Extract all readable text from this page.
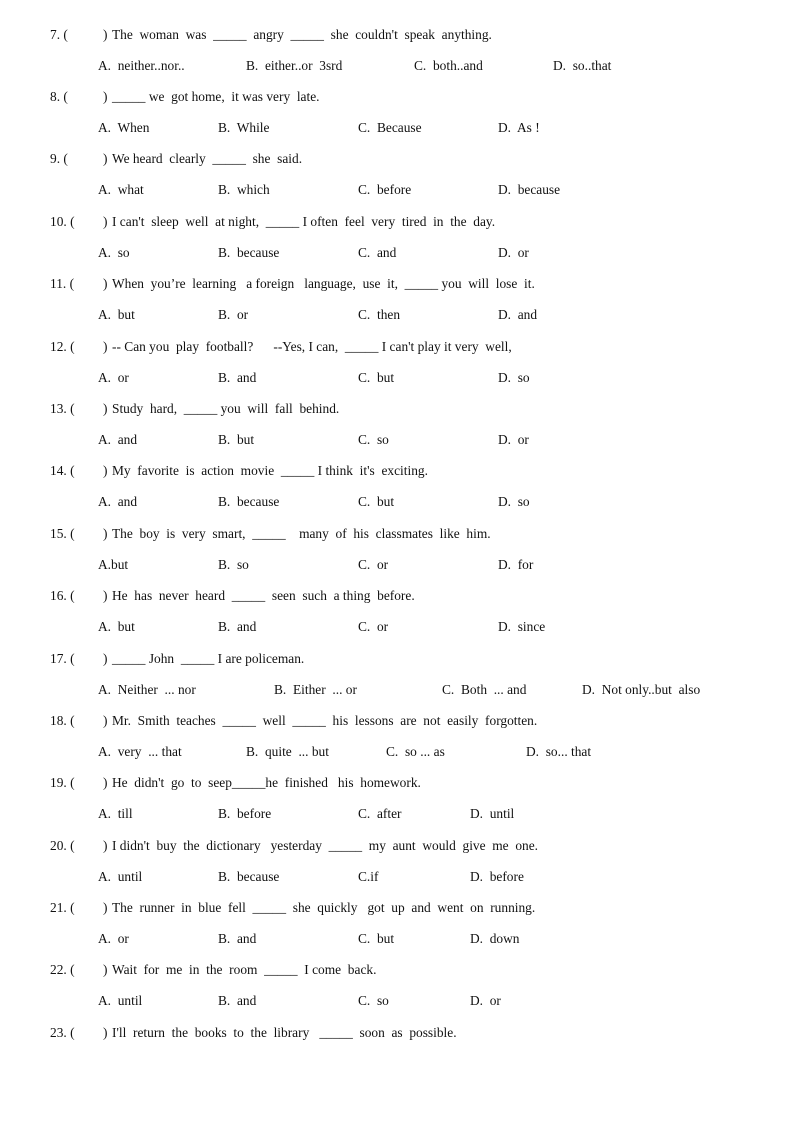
7. (	) The  woman  was  _____  angry  _____  she  couldn't  speak  anything.
A.  neither..nor..	B.  either..or  3srd	C.  both..and	D.  so..that
8. (	) _____ we  got home,  it was very  late.
A.  When	B.  While	C.  Because	D.  As !
9. (	) We heard  clearly  _____  she  said.
A.  what	B.  which	C.  before	D.  because
10. ( ) I can't  sleep  well  at night,  _____ I often  feel  very  tired  in  the  day.
A.  so	B.  because	C.  and	D.  or
11. ( ) When  you’re  learning   a foreign   language,  use  it,  _____ you  will  lose  it.
A.  but	B.  or	C.  then	D.  and
12. ( ) -- Can you  play  football?      --Yes, I can,  _____ I can't play it very  well,
A.  or	B.  and	C.  but	D.  so
13. ( ) Study  hard,  _____ you  will  fall  behind.
A.  and	B.  but	C.  so	D.  or
14. ( ) My  favorite  is  action  movie  _____ I think  it's  exciting.
A.  and	B.  because	C.  but	D.  so
15. ( ) The  boy  is  very  smart,  _____    many  of  his  classmates  like  him.
A.but	B.  so	C.  or	D.  for
16. ( ) He  has  never  heard  _____  seen  such  a thing  before.
A.  but	B.  and	C.  or	D.  since
17. ( ) _____ John  _____ I are policeman.
A.  Neither  ... nor	B.  Either  ... or	C.  Both  ... and	D.  Not only..but  also
18. ( ) Mr.  Smith  teaches  _____  well  _____  his  lessons  are  not  easily  forgotten.
A.  very  ... that	B.  quite  ... but	C.  so ... as	D.  so... that
19. ( ) He  didn't  go  to  seep_____he  finished   his  homework.
A.  till	B.  before	C.  after	D.  until
20. ( ) I didn't  buy  the  dictionary   yesterday  _____  my  aunt  would  give  me  one.
A.  until	B.  because	C.if	D.  before
21. ( ) The  runner  in  blue  fell  _____  she  quickly   got  up  and  went  on  running.
A.  or	B.  and	C.  but	D.  down
22. ( ) Wait  for  me  in  the  room  _____  I come  back.
A.  until	B.  and	C.  so	D.  or
23. ( ) I'll  return  the  books  to  the  library   _____  soon  as  possible.
